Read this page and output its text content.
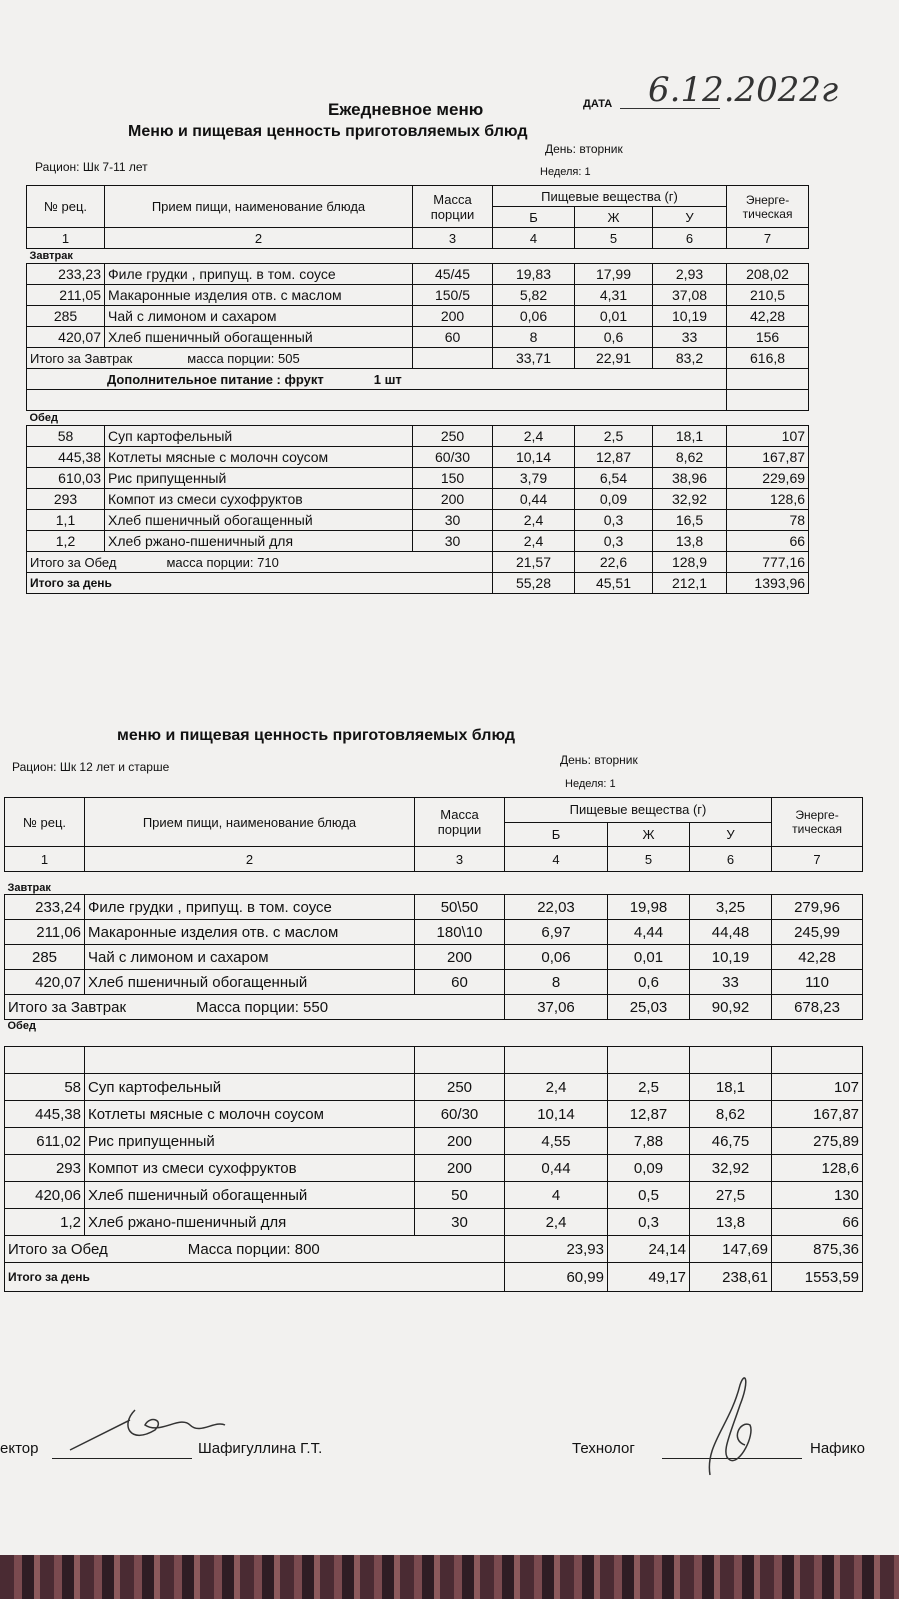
Ежедневное меню	ДАТА 6.12.2022г
Меню и пищевая ценность приготовляемых блюд
Рацион: Шк 7-11 лет
День: вторник
Неделя: 1
№ рец.	Прием пищи, наименование блюда	Масса порции	Пищевые вещества (г)			Энерге-тическая
			Б	Ж	У	
1	2	3	4	5	6	7
Завтрак						
233,23	Филе грудки , припущ. в том. соусе	45/45	19,83	17,99	2,93	208,02
211,05	Макаронные изделия отв. с маслом	150/5	5,82	4,31	37,08	210,5
285	Чай с лимоном и сахаром	200	0,06	0,01	10,19	42,28
420,07	Хлеб пшеничный обогащенный	60	8	0,6	33	156
Итого за Завтрак масса порции: 505			33,71	22,91	83,2	616,8
Дополнительное питание : фрукт 1 шт						

Обед						
58	Суп картофельный	250	2,4	2,5	18,1	107
445,38	Котлеты мясные с молочн соусом	60/30	10,14	12,87	8,62	167,87
610,03	Рис припущенный	150	3,79	6,54	38,96	229,69
293	Компот из смеси сухофруктов	200	0,44	0,09	32,92	128,6
1,1	Хлеб пшеничный обогащенный	30	2,4	0,3	16,5	78
1,2	Хлеб ржано-пшеничный для	30	2,4	0,3	13,8	66
Итого за Обед масса порции: 710			21,57	22,6	128,9	777,16
Итого за день			55,28	45,51	212,1	1393,96
меню и пищевая ценность приготовляемых блюд
Рацион: Шк 12 лет и старше	День: вторник
Неделя: 1
№ рец.	Прием пищи, наименование блюда	Масса порции	Пищевые вещества (г)			Энерге-тическая
			Б	Ж	У	
1	2	3	4	5	6	7
Завтрак						
233,24	Филе грудки , припущ. в том. соусе	50\50	22,03	19,98	3,25	279,96
211,06	Макаронные изделия отв. с маслом	180\10	6,97	4,44	44,48	245,99
285	Чай с лимоном и сахаром	200	0,06	0,01	10,19	42,28
420,07	Хлеб пшеничный обогащенный	60	8	0,6	33	110
Итого за Завтрак Масса порции: 550			37,06	25,03	90,92	678,23
Обед						

58	Суп картофельный	250	2,4	2,5	18,1	107
445,38	Котлеты мясные с молочн соусом	60/30	10,14	12,87	8,62	167,87
611,02	Рис припущенный	200	4,55	7,88	46,75	275,89
293	Компот из смеси сухофруктов	200	0,44	0,09	32,92	128,6
420,06	Хлеб пшеничный обогащенный	50	4	0,5	27,5	130
1,2	Хлеб ржано-пшеничный для	30	2,4	0,3	13,8	66
Итого за Обед Масса порции: 800			23,93	24,14	147,69	875,36
Итого за день			60,99	49,17	238,61	1553,59
ектор	Шафигуллина Г.Т.	Технолог	Нафико
